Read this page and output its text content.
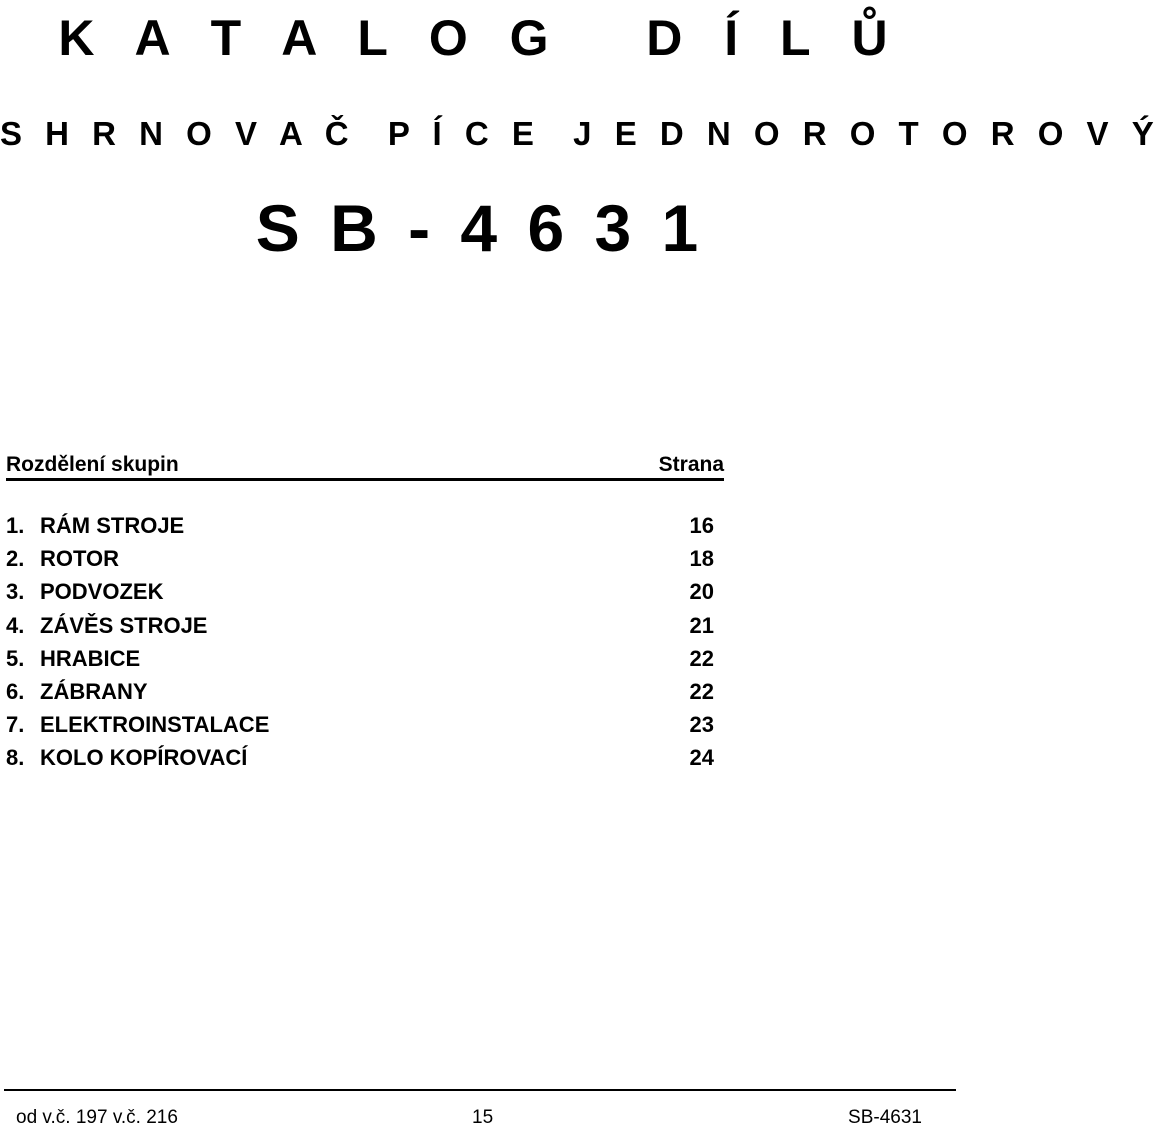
K A T A L O G   D Í L Ů
S H R N O V A Č  P Í C E  J E D N O R O T O R O V Ý
S B - 4 6 3 1
Rozdělení skupin	Strana
1. RÁM STROJE	16
2. ROTOR	18
3. PODVOZEK	20
4. ZÁVĚS STROJE	21
5. HRABICE	22
6. ZÁBRANY	22
7. ELEKTROINSTALACE	23
8. KOLO KOPÍROVACÍ	24
od v.č. 197 v.č. 216	15	SB-4631
